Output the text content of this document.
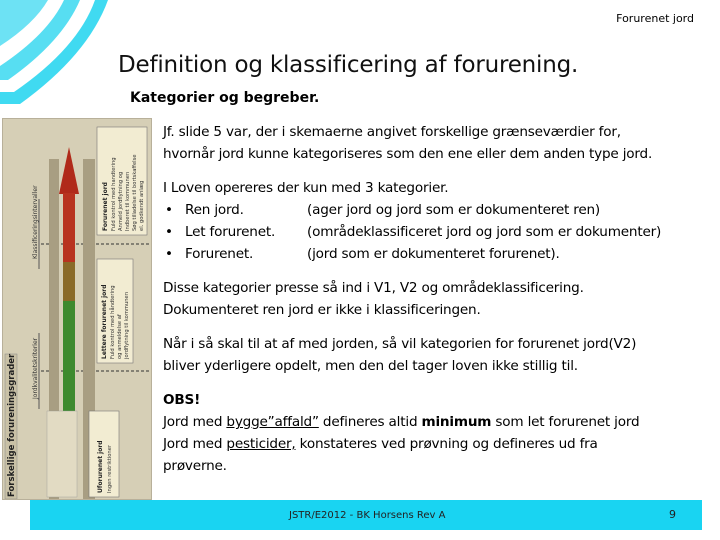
Forurenet jord
Definition og klassificering af forurening.
Kategorier og begreber.
Klassificeringsintervaller
Jordkvalitetskriterier
Forskellige forureningsgrader
Forurenet jord Fuld kontrol med handtering Anmeld jordflytning og Indberet til kommunen Søg tilladelse til bortskaffelse el. godkendt anlæg
Lettere forurenet jord Fuld kontrol med håndtering og anmeldelse af jordflytning til kommunen
Uforurenet jord Ingen restriktioner

Jf. slide 5 var, der i skemaerne angivet forskellige grænseværdier for,

hvornår jord kunne kategoriseres som den ene eller dem anden type jord.

I Loven opereres der kun med 3 kategorier.

• Ren jord.	(ager jord og jord som er dokumenteret ren)
• Let forurenet.	(områdeklassificeret jord og jord som er dokumenter)
• Forurenet.	(jord som er dokumenteret forurenet).

Disse kategorier presse så ind i V1, V2 og områdeklassificering.

Dokumenteret ren jord er ikke i klassificeringen.

Når i så skal til at af med jorden, så vil kategorien for forurenet jord(V2)

bliver yderligere opdelt, men den del tager loven ikke stillig til.

OBS!

Jord med bygge”affald” defineres altid minimum som let forurenet jord

Jord med pesticider, konstateres ved prøvning og defineres ud fra

prøverne.

JSTR/E2012 - BK Horsens Rev A	9
